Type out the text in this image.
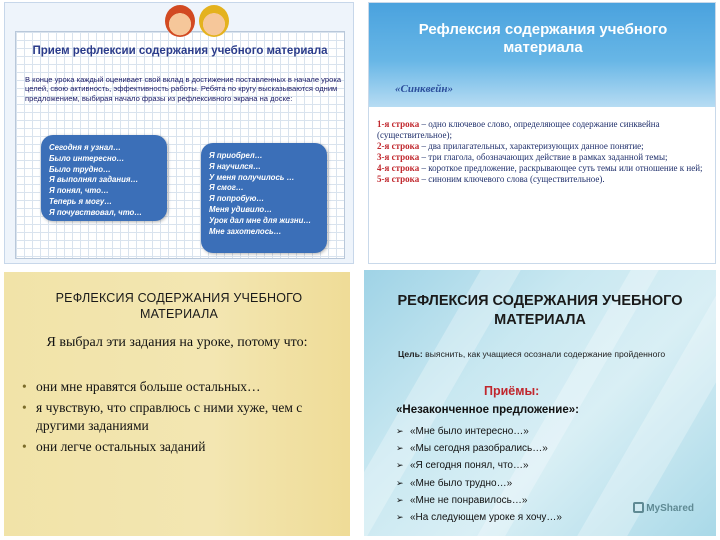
Прием рефлексии содержания учебного материала
В конце урока каждый оценивает свой вклад в достижение поставленных в начале урока целей, свою активность, эффективность работы. Ребята по кругу высказываются одним предложением, выбирая начало фразы из рефлексивного экрана на доске:
Сегодня я узнал…
Было интересно…
Было трудно…
Я выполнял задания…
Я понял, что…
Теперь я могу…
Я почувствовал, что…
Я приобрел…
Я научился…
У меня получилось …
Я смог…
Я попробую…
Меня удивило…
Урок дал мне для жизни…
Мне захотелось…
Рефлексия содержания учебного материала
«Синквейн»
1-я строка – одно ключевое слово, определяющее содержание синквейна (существительное);
2-я строка – два прилагательных, характеризующих данное понятие;
3-я строка – три глагола, обозначающих действие в рамках заданной темы;
4-я строка – короткое предложение, раскрывающее суть темы или отношение к ней;
5-я строка – синоним ключевого слова (существительное).
РЕФЛЕКСИЯ СОДЕРЖАНИЯ УЧЕБНОГО МАТЕРИАЛА
Я выбрал эти задания на уроке, потому что:
• они мне нравятся больше остальных…
• я чувствую, что справлюсь с ними хуже, чем с другими заданиями
• они легче остальных заданий
РЕФЛЕКСИЯ СОДЕРЖАНИЯ УЧЕБНОГО МАТЕРИАЛА
Цель: выяснить, как учащиеся осознали содержание пройденного
Приёмы:
«Незаконченное предложение»:
➢ «Мне было интересно…»
➢ «Мы сегодня разобрались…»
➢ «Я сегодня понял, что…»
➢ «Мне было трудно…»
➢ «Мне не понравилось…»
➢ «На следующем уроке я хочу…»
MyShared
